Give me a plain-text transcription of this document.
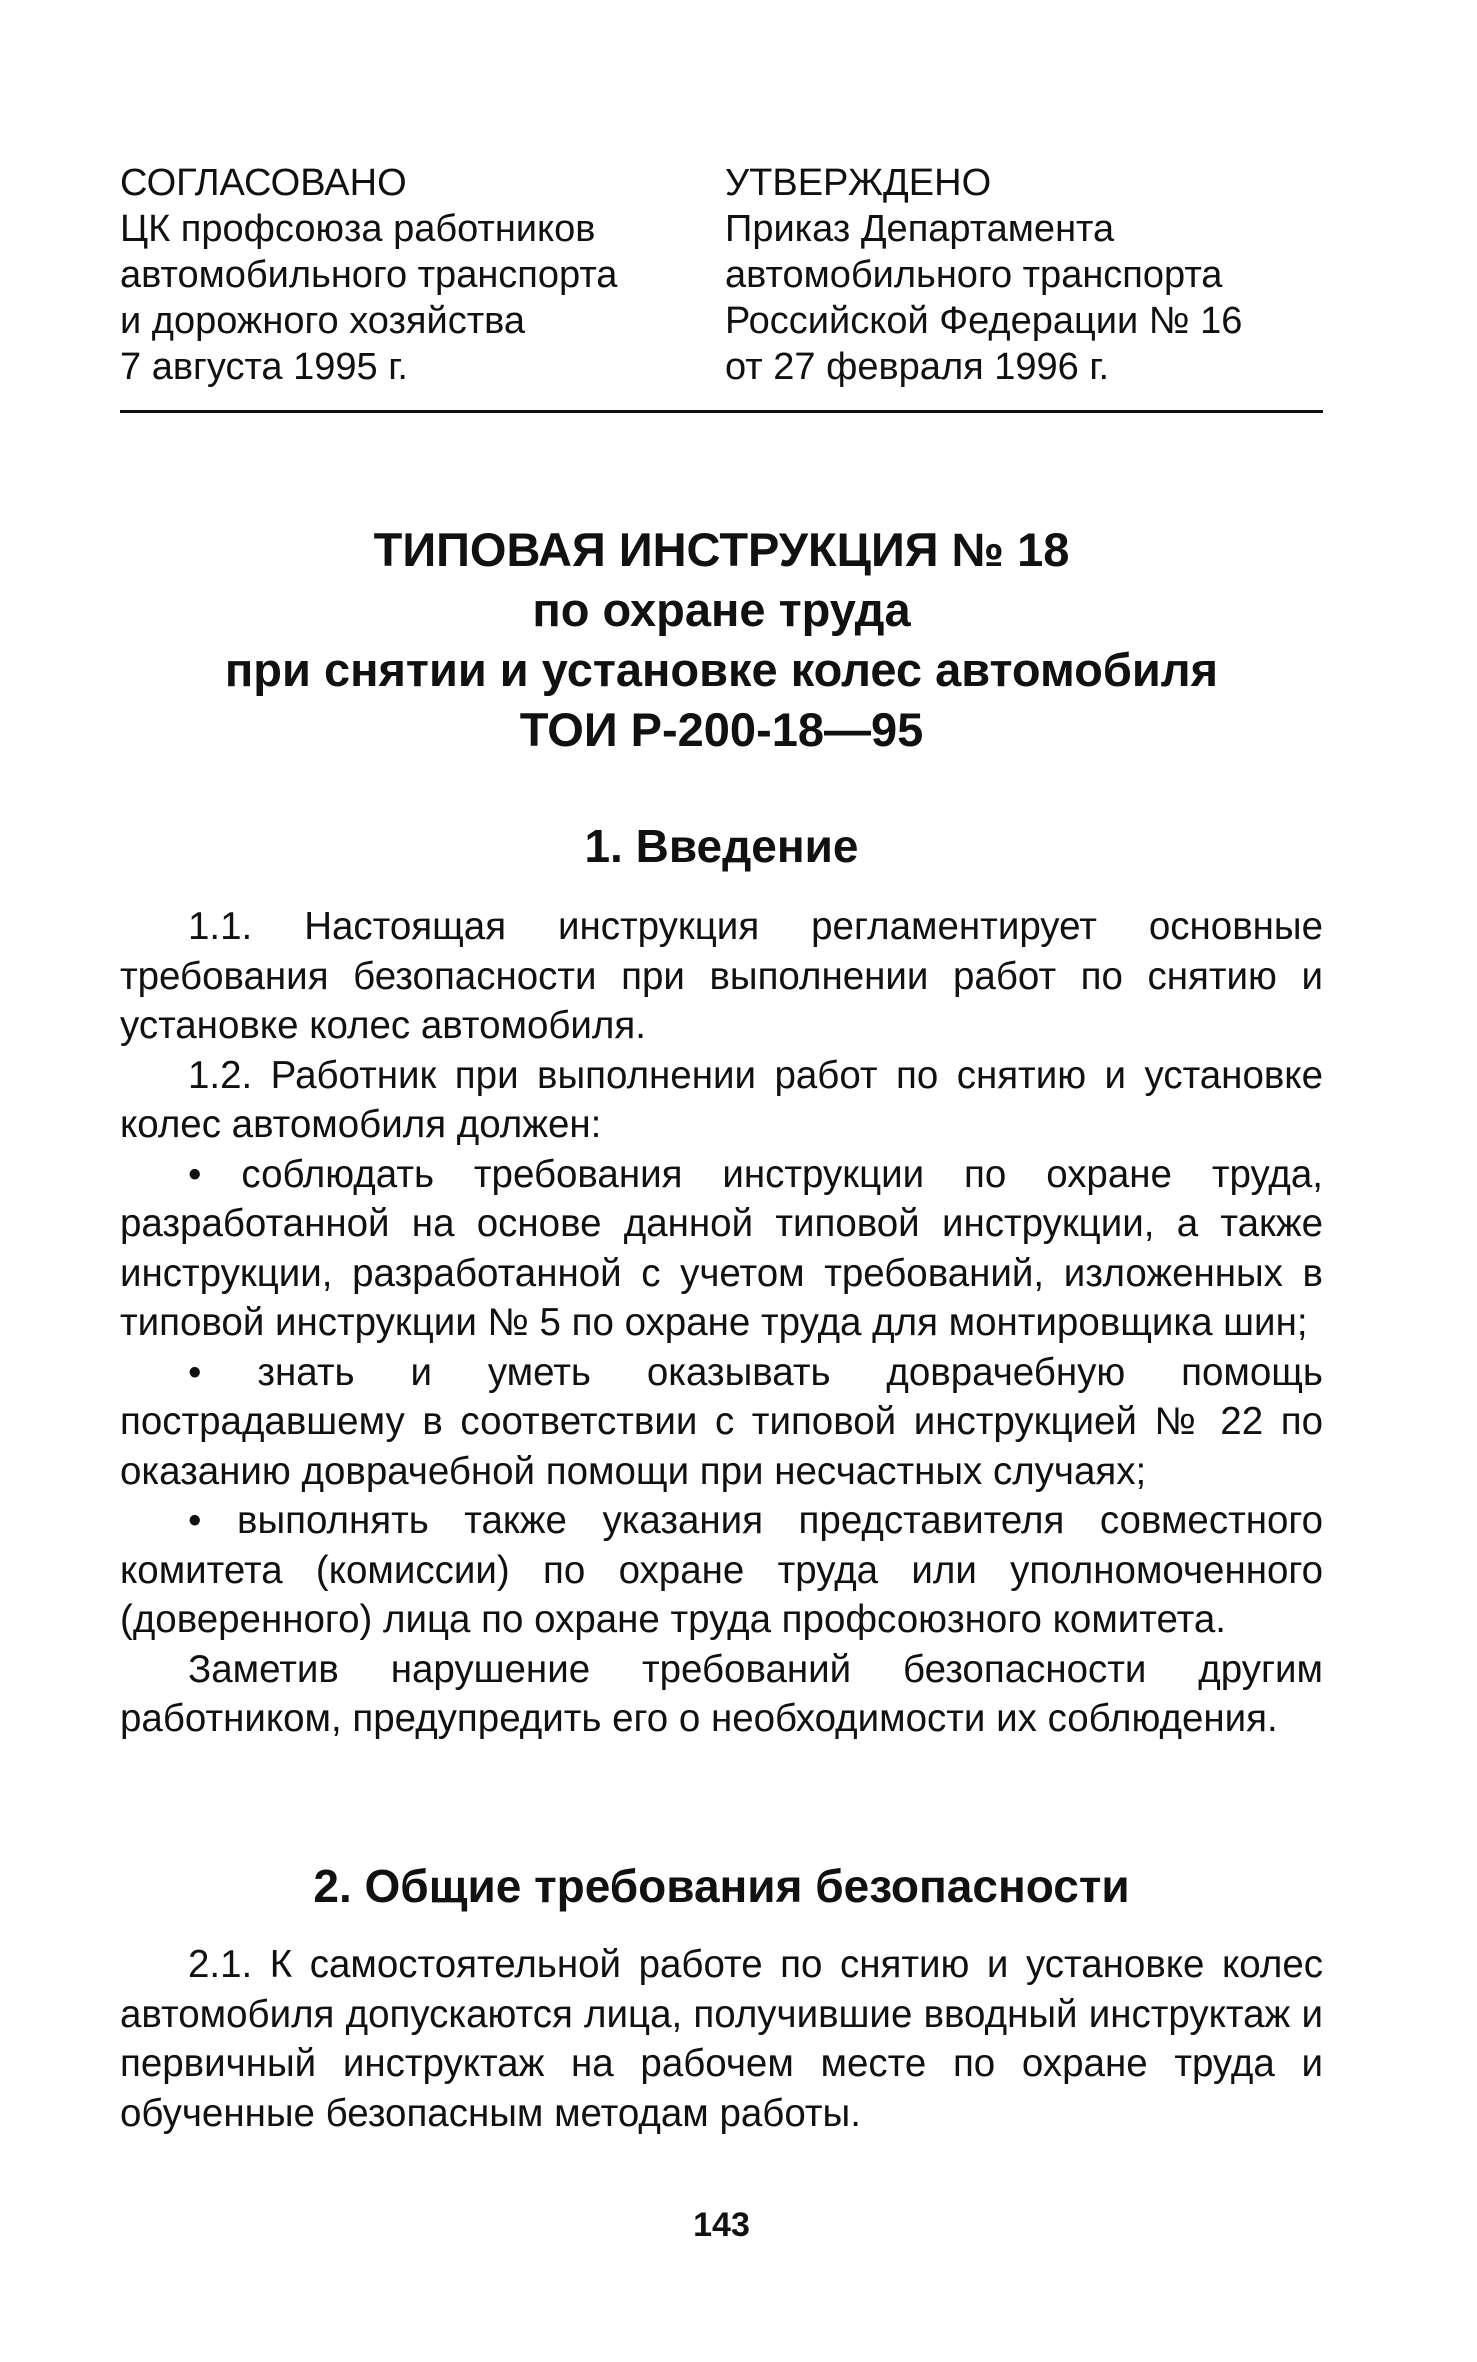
СОГЛАСОВАНО
ЦК профсоюза работников
автомобильного транспорта
и дорожного хозяйства
7 августа 1995 г.
УТВЕРЖДЕНО
Приказ Департамента
автомобильного транспорта
Российской Федерации № 16
от 27 февраля 1996 г.
ТИПОВАЯ ИНСТРУКЦИЯ № 18
по охране труда
при снятии и установке колес автомобиля
ТОИ Р-200-18—95
1. Введение

1.1. Настоящая инструкция регламентирует основные требования безопасности при выполнении работ по снятию и установке колес автомобиля.

1.2. Работник при выполнении работ по снятию и установке колес автомобиля должен:

• соблюдать требования инструкции по охране труда, разработанной на основе данной типовой инструкции, а также инструкции, разработанной с учетом требований, изложенных в типовой инструкции № 5 по охране труда для монтировщика шин;

• знать и уметь оказывать доврачебную помощь пострадавшему в соответствии с типовой инструкцией № 22 по оказанию доврачебной помощи при несчастных случаях;

• выполнять также указания представителя совместного комитета (комиссии) по охране труда или уполномоченного (доверенного) лица по охране труда профсоюзного комитета.

Заметив нарушение требований безопасности другим работником, предупредить его о необходимости их соблюдения.

2. Общие требования безопасности

2.1. К самостоятельной работе по снятию и установке колес автомобиля допускаются лица, получившие вводный инструктаж и первичный инструктаж на рабочем месте по охране труда и обученные безопасным методам работы.

143
